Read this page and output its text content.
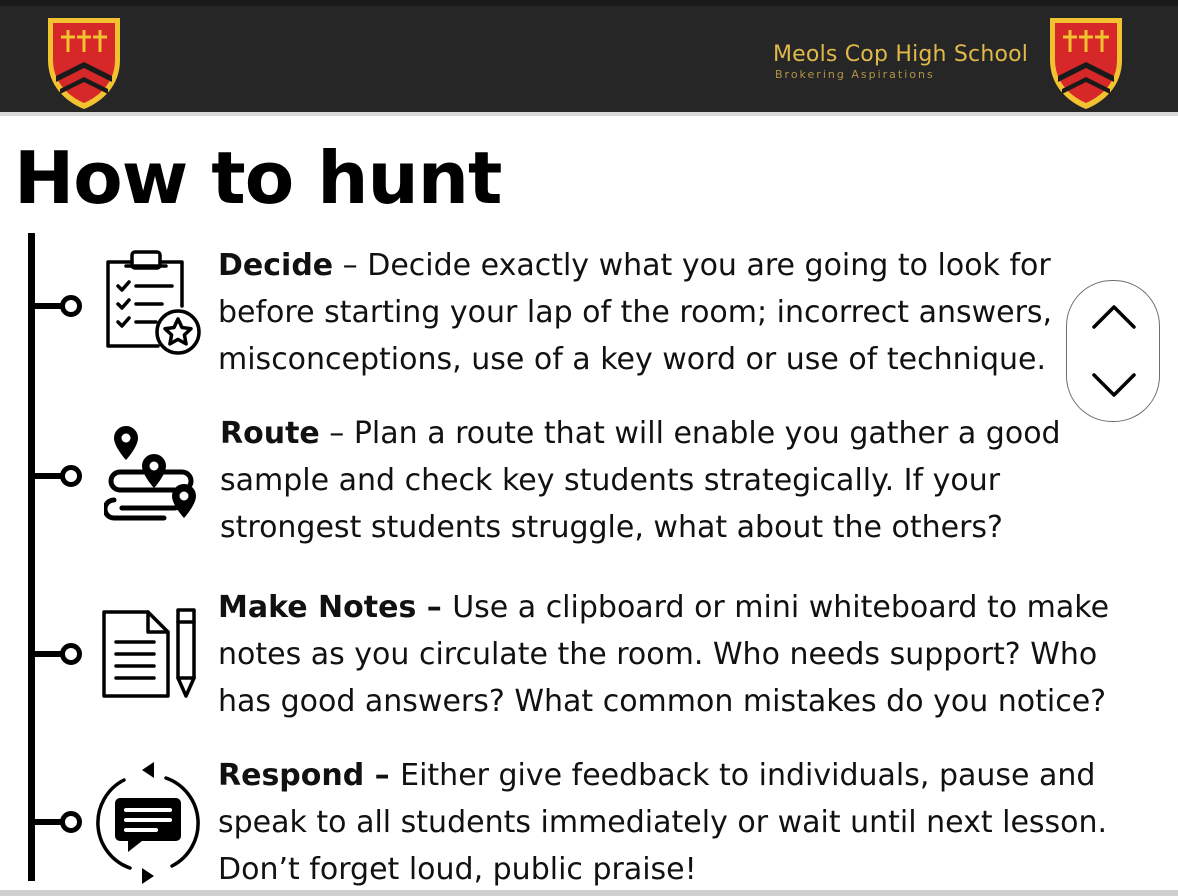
Meols Cop High School
Brokering Aspirations
How to hunt
Decide – Decide exactly what you are going to look for
before starting your lap of the room; incorrect answers,
misconceptions, use of a key word or use of technique.
Route – Plan a route that will enable you gather a good
sample and check key students strategically. If your
strongest students struggle, what about the others?
Make Notes – Use a clipboard or mini whiteboard to make
notes as you circulate the room. Who needs support? Who
has good answers? What common mistakes do you notice?
Respond – Either give feedback to individuals, pause and
speak to all students immediately or wait until next lesson.
Don’t forget loud, public praise!
